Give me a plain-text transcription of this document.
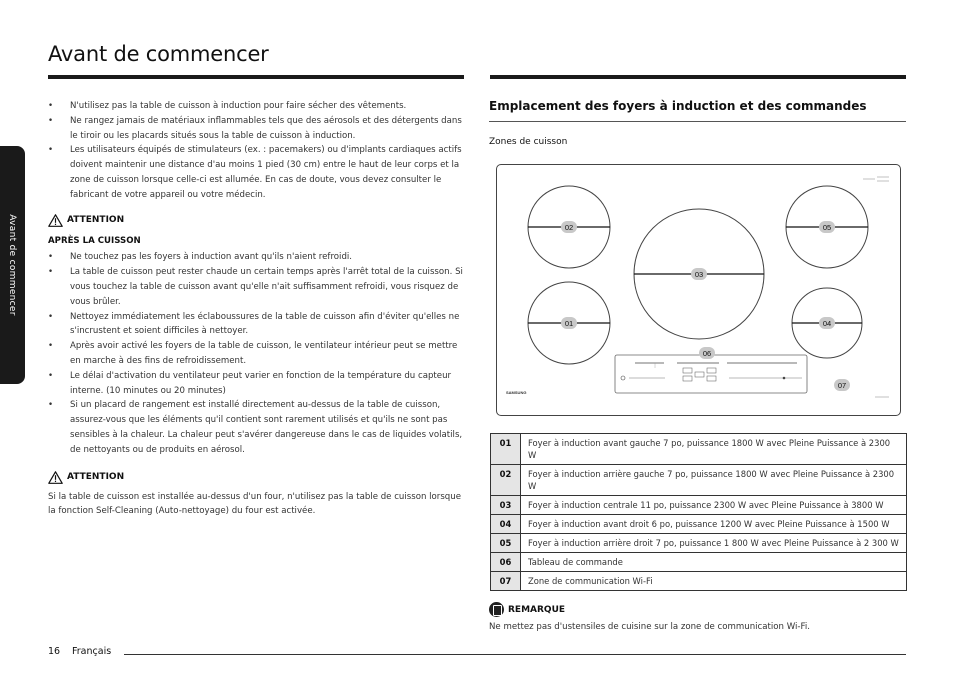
Avant de commencer
Avant de commencer
• N'utilisez pas la table de cuisson à induction pour faire sécher des vêtements.
• Ne rangez jamais de matériaux inflammables tels que des aérosols et des détergents dans le tiroir ou les placards situés sous la table de cuisson à induction.
• Les utilisateurs équipés de stimulateurs (ex. : pacemakers) ou d'implants cardiaques actifs doivent maintenir une distance d'au moins 1 pied (30 cm) entre le haut de leur corps et la zone de cuisson lorsque celle-ci est allumée. En cas de doute, vous devez consulter le fabricant de votre appareil ou votre médecin.
ATTENTION
APRÈS LA CUISSON
• Ne touchez pas les foyers à induction avant qu'ils n'aient refroidi.
• La table de cuisson peut rester chaude un certain temps après l'arrêt total de la cuisson. Si vous touchez la table de cuisson avant qu'elle n'ait suffisamment refroidi, vous risquez de vous brûler.
• Nettoyez immédiatement les éclaboussures de la table de cuisson afin d'éviter qu'elles ne s'incrustent et soient difficiles à nettoyer.
• Après avoir activé les foyers de la table de cuisson, le ventilateur intérieur peut se mettre en marche à des fins de refroidissement.
• Le délai d'activation du ventilateur peut varier en fonction de la température du capteur interne. (10 minutes ou 20 minutes)
• Si un placard de rangement est installé directement au-dessus de la table de cuisson, assurez-vous que les éléments qu'il contient sont rarement utilisés et qu'ils ne sont pas sensibles à la chaleur. La chaleur peut s'avérer dangereuse dans le cas de liquides volatils, de nettoyants ou de produits en aérosol.
ATTENTION

Si la table de cuisson est installée au-dessus d'un four, n'utilisez pas la table de cuisson lorsque la fonction Self-Cleaning (Auto-nettoyage) du four est activée.

Emplacement des foyers à induction et des commandes
Zones de cuisson
SAMSUNG
02
01
03
05
04
06
07
01	Foyer à induction avant gauche 7 po, puissance 1800 W avec Pleine Puissance à 2300 W
02	Foyer à induction arrière gauche 7 po, puissance 1800 W avec Pleine Puissance à 2300 W
03	Foyer à induction centrale 11 po, puissance 2300 W avec Pleine Puissance à 3800 W
04	Foyer à induction avant droit 6 po, puissance 1200 W avec Pleine Puissance à 1500 W
05	Foyer à induction arrière droit 7 po, puissance 1 800 W avec Pleine Puissance à 2 300 W
06	Tableau de commande
07	Zone de communication Wi-Fi
REMARQUE
Ne mettez pas d'ustensiles de cuisine sur la zone de communication Wi-Fi.
16 Français
